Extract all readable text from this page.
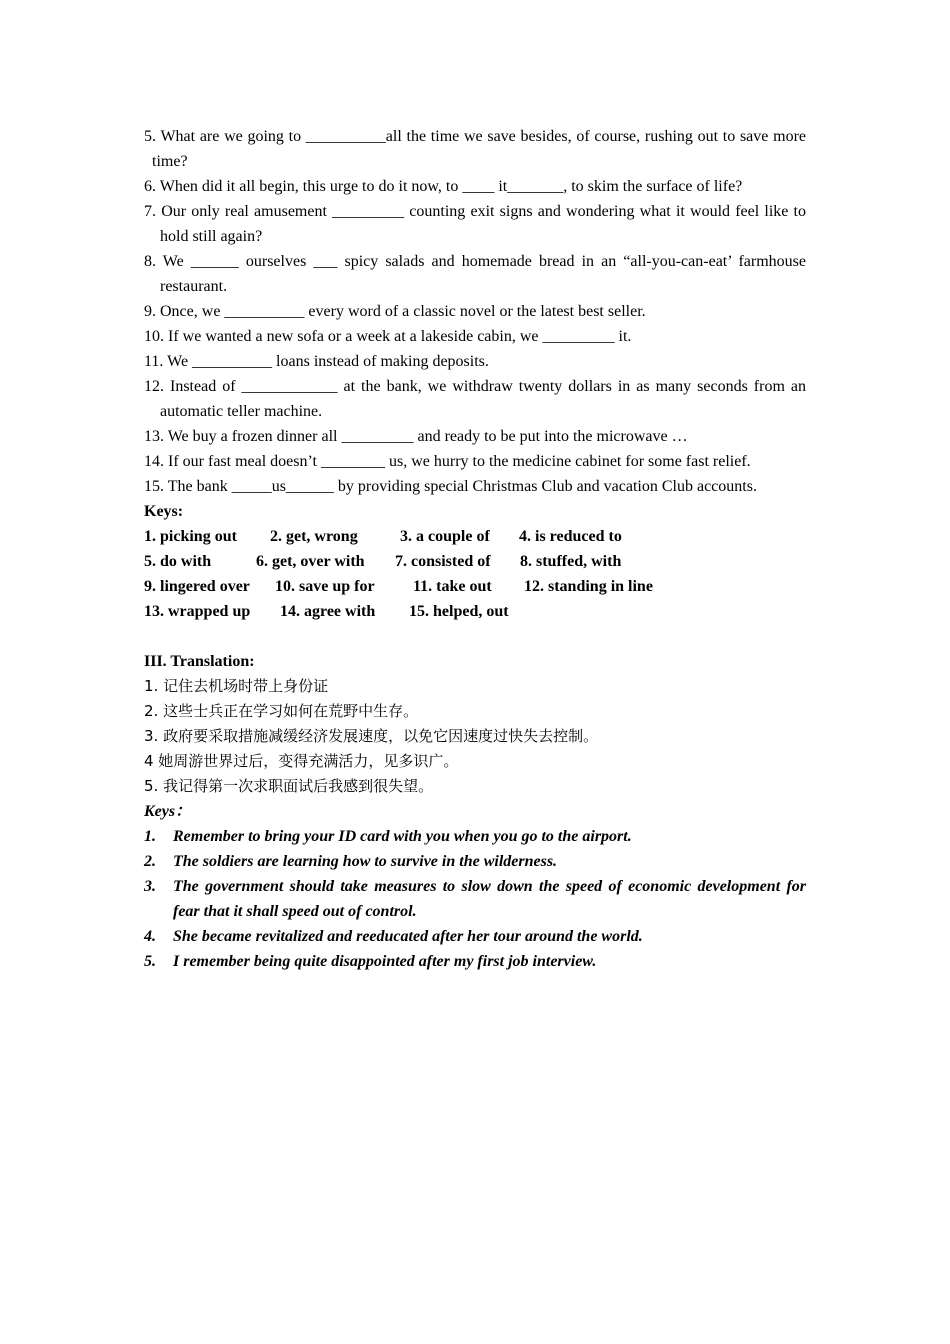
5. What are we going to __________all the time we save besides, of course, rushing out to save more time?

6. When did it all begin, this urge to do it now, to ____ it_______, to skim the surface of life?

7. Our only real amusement _________ counting exit signs and wondering what it would feel like to hold still again?

8. We ______ ourselves ___ spicy salads and homemade bread in an “all-you-can-eat’ farmhouse restaurant.

9. Once, we __________ every word of a classic novel or the latest best seller.

10. If we wanted a new sofa or a week at a lakeside cabin, we _________ it.

11. We __________ loans instead of making deposits.

12. Instead of ____________ at the bank, we withdraw twenty dollars in as many seconds from an automatic teller machine.

13. We buy a frozen dinner all _________ and ready to be put into the microwave …

14. If our fast meal doesn’t ________ us, we hurry to the medicine cabinet for some fast relief.

15. The bank _____us______ by providing special Christmas Club and vacation Club accounts.

Keys:

1. picking out 2. get, wrong	3. a couple of 4. is reduced to
5. do with	6. get, over with 7. consisted of 8. stuffed, with
9. lingered over 10. save up for 11. take out 12. standing in line
13. wrapped up 14. agree with 15. helped, out

III. Translation:

1. 记住去机场时带上身份证

2. 这些士兵正在学习如何在荒野中生存。

3. 政府要采取措施减缓经济发展速度，以免它因速度过快失去控制。

4 她周游世界过后，变得充满活力，见多识广。

5. 我记得第一次求职面试后我感到很失望。

Keys：

1. Remember to bring your ID card with you when you go to the airport.
2. The soldiers are learning how to survive in the wilderness.
3. The government should take measures to slow down the speed of economic development for fear that it shall speed out of control.
4. She became revitalized and reeducated after her tour around the world.
5. I remember being quite disappointed after my first job interview.
